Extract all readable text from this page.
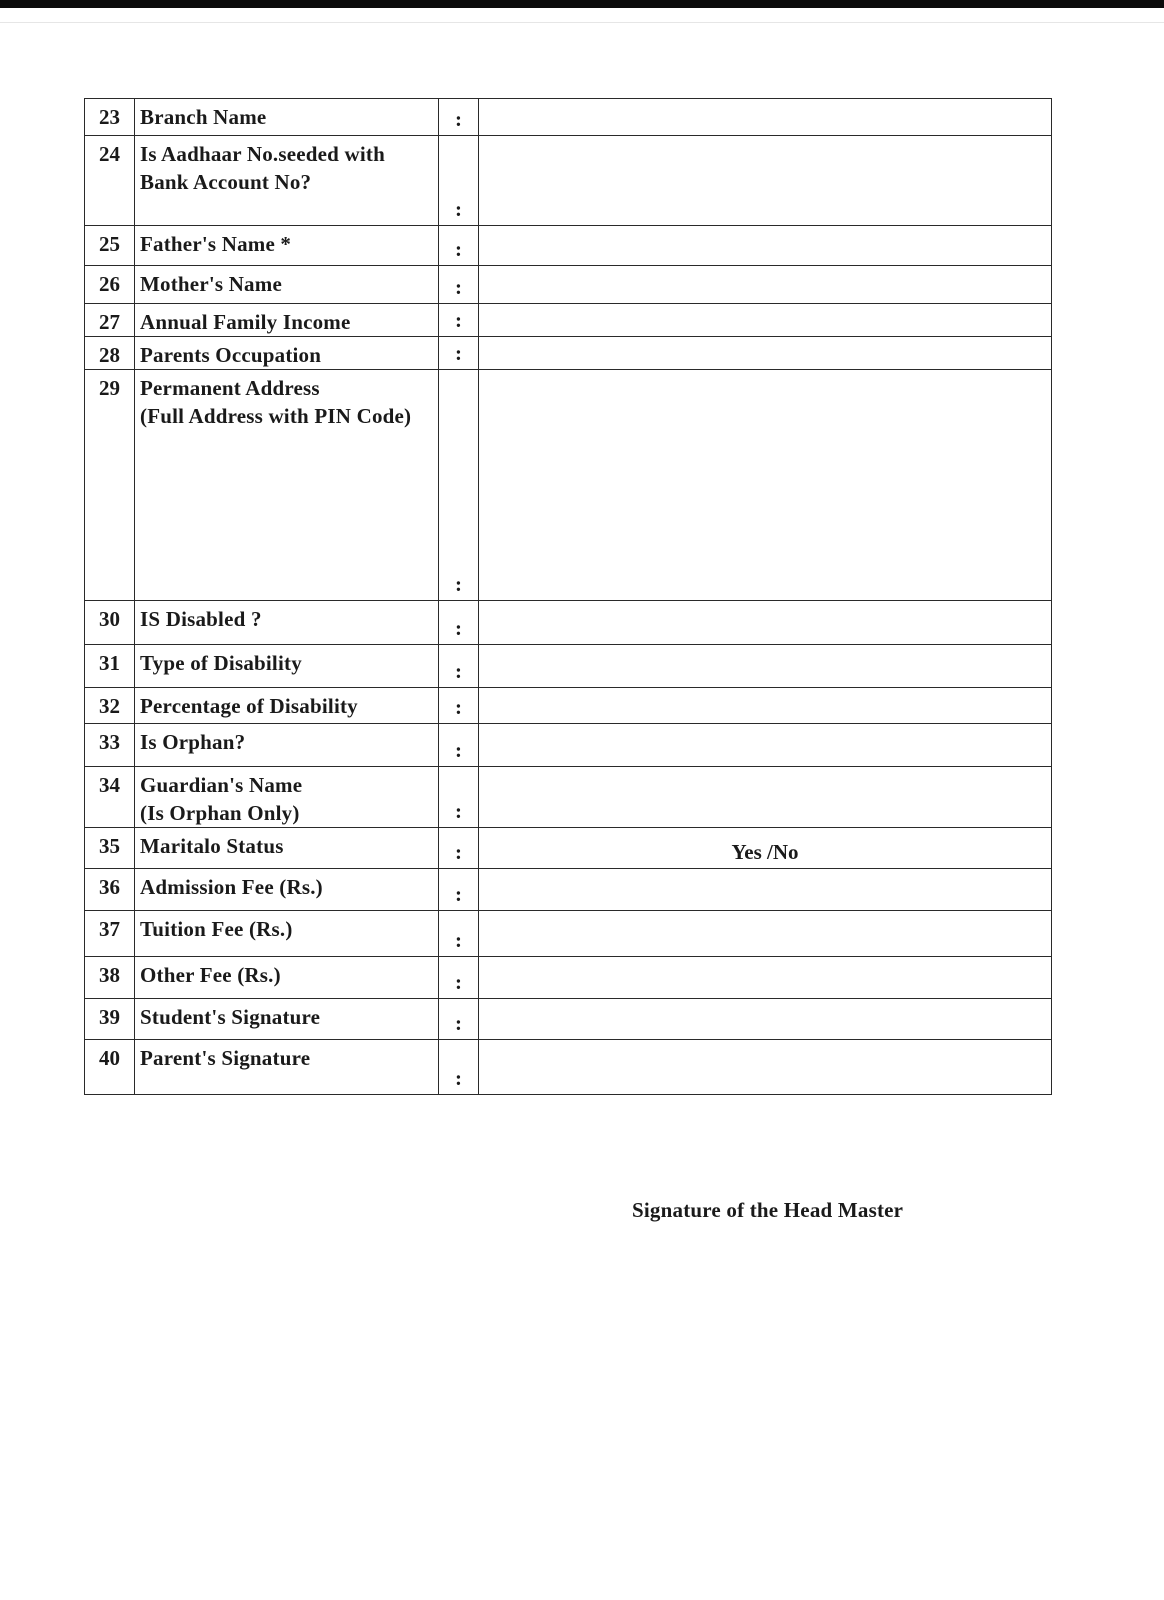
23	Branch Name	:	
24	Is Aadhaar No.seeded with
Bank Account No?	:	
25	Father's Name *	:	
26	Mother's Name	:	
27	Annual Family Income	:	
28	Parents Occupation	:	
29	Permanent Address
(Full Address with PIN Code)	:	
30	IS Disabled ?	:	
31	Type of Disability	:	
32	Percentage of Disability	:	
33	Is Orphan?	:	
34	Guardian's Name
(Is Orphan Only)	:	
35	Maritalo Status	:	Yes /No
36	Admission Fee (Rs.)	:	
37	Tuition Fee (Rs.)	:	
38	Other Fee (Rs.)	:	
39	Student's Signature	:	
40	Parent's Signature	:	
Signature of the Head Master
